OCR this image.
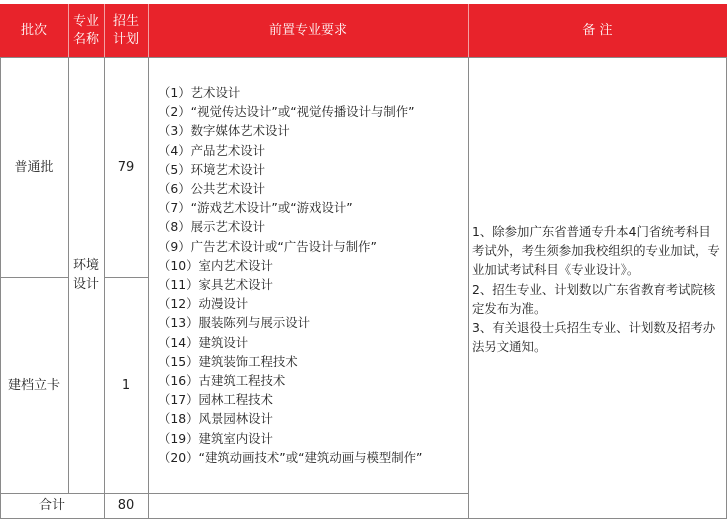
批次
专业
名称
招生
计划
前置专业要求	备 注
普通批
建档立卡
环境
设计
79
1
合计	80
（1）艺术设计
（2）“视觉传达设计”或“视觉传播设计与制作”
（3）数字媒体艺术设计
（4）产品艺术设计
（5）环境艺术设计
（6）公共艺术设计
（7）“游戏艺术设计”或“游戏设计”
（8）展示艺术设计
（9）广告艺术设计或“广告设计与制作”
（10）室内艺术设计
（11）家具艺术设计
（12）动漫设计
（13）服装陈列与展示设计
（14）建筑设计
（15）建筑装饰工程技术
（16）古建筑工程技术
（17）园林工程技术
（18）风景园林设计
（19）建筑室内设计
（20）“建筑动画技术”或“建筑动画与模型制作”
1、除参加广东省普通专升本4门省统考科目考试外，考生须参加我校组织的专业加试，专业加试考试科目《专业设计》。
2、招生专业、计划数以广东省教育考试院核定发布为准。
3、有关退役士兵招生专业、计划数及招考办法另文通知。
